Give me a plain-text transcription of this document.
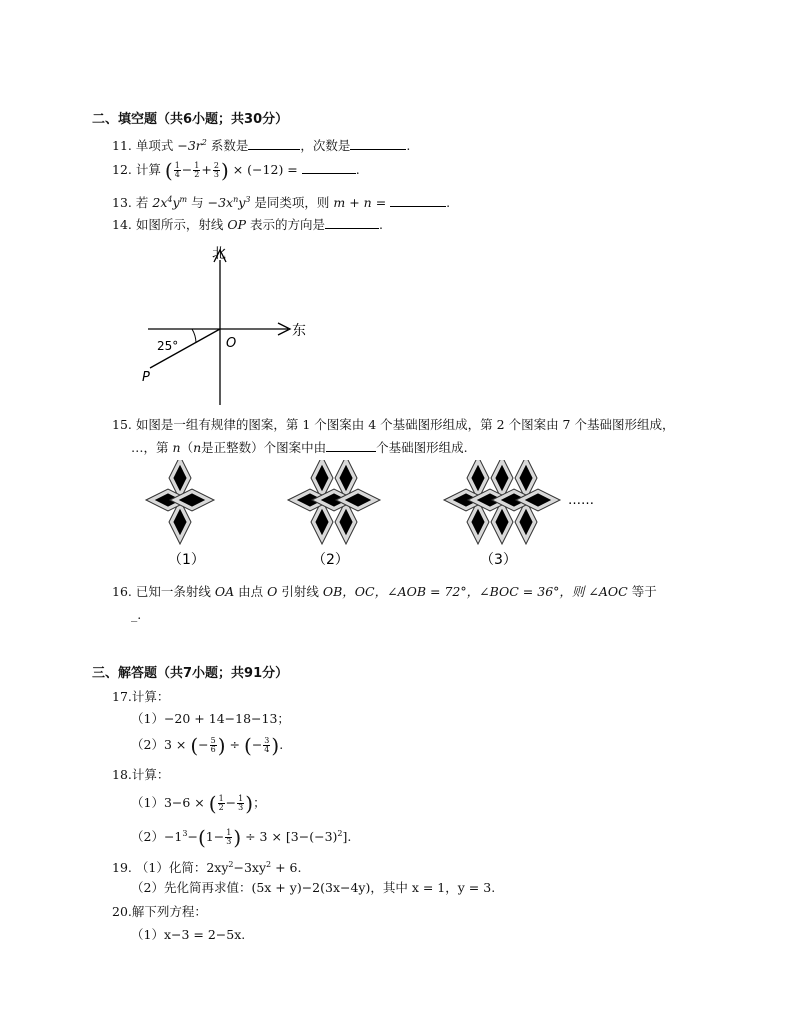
二、填空题（共6小题；共30分）
11. 单项式 $-3r^2$ 系数是	，次数是	.
12. 计算 ( $\frac{1}{4} - \frac{1}{2} + \frac{2}{3}$ ) × (−12) =	.
13. 若 $2x^4y^m$ 与 $-3x^ny^3$ 是同类项，则 m + n =	.
14. 如图所示，射线 OP 表示的方向是	.
北
东
O
P
25°
15. 如图是一组有规律的图案，第 1 个图案由 4 个基础图形组成，第 2 个图案由 7 个基础图形组成，
…，第 n（n是正整数）个图案中由	个基础图形组成.
（1）	（2）	（3）
……
16. 已知一条射线 OA 由点 O 引射线 OB，OC，∠AOB = 72°，∠BOC = 36°，则 ∠AOC 等于
_.
三、解答题（共7小题；共91分）
17.计算：
（1）−20 + 14−18−13；
（2）3 × (− $\frac{5}{6}$ ) ÷ (− $\frac{3}{4}$ ).
18.计算：
（1）3−6 × ( $\frac{1}{2} - \frac{1}{3}$ )；
$(2)-1^3-(1- \frac{1}{3}$ ) ÷ $3 \times [3-(-3)^2]$.
19. （1）化简：$2xy^2-3xy^2 + 6$.
（2）先化简再求值：(5x + y)−2(3x−4y)，其中 x = 1，y = 3.
20.解下列方程：
（1）x−3 = 2−5x.
